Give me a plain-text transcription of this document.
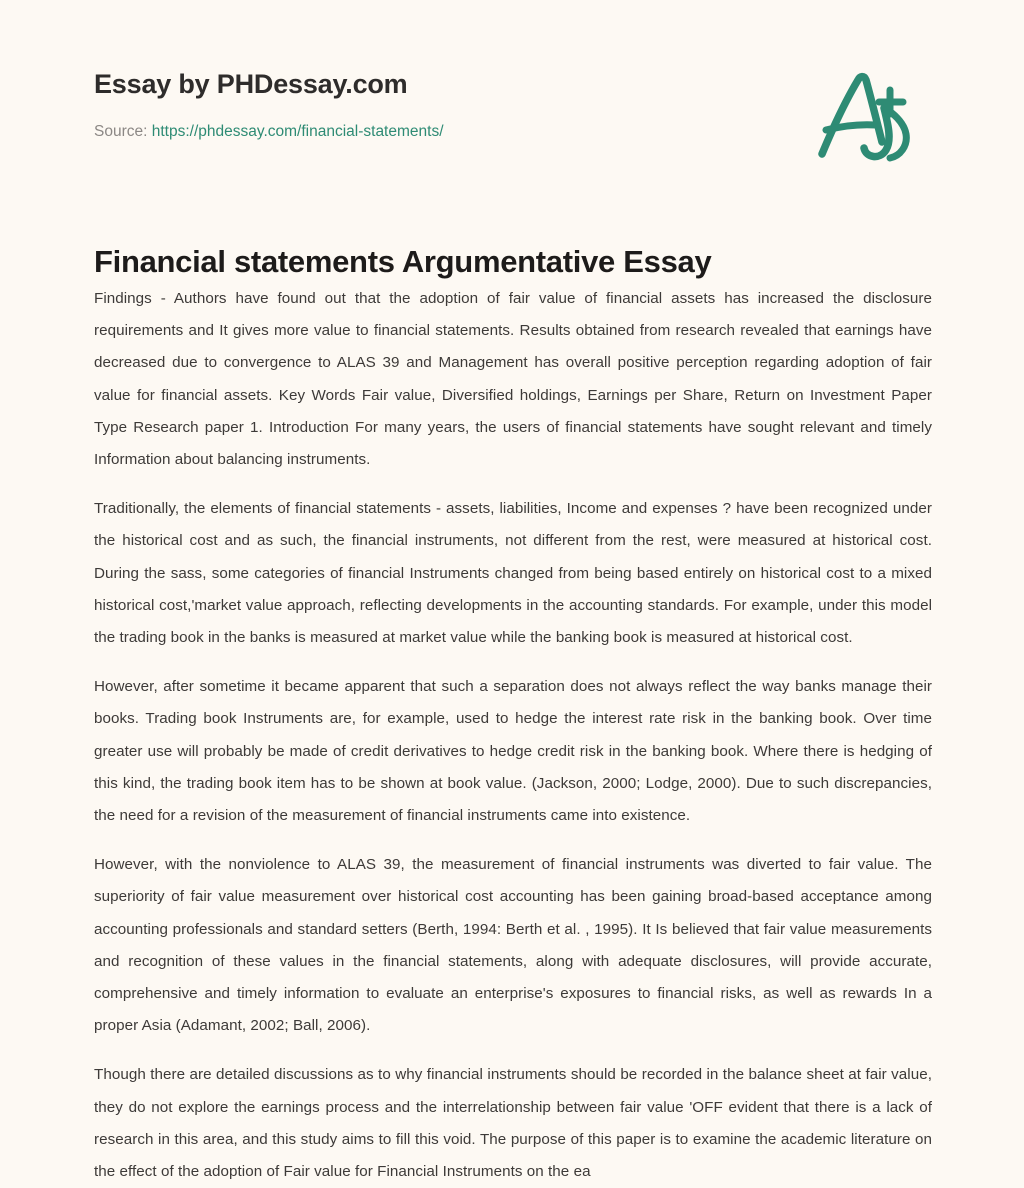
Essay by PHDessay.com
Source: https://phdessay.com/financial-statements/
Financial statements Argumentative Essay

Findings - Authors have found out that the adoption of fair value of financial assets has increased the disclosure requirements and It gives more value to financial statements. Results obtained from research revealed that earnings have decreased due to convergence to ALAS 39 and Management has overall positive perception regarding adoption of fair value for financial assets. Key Words Fair value, Diversified holdings, Earnings per Share, Return on Investment Paper Type Research paper 1. Introduction For many years, the users of financial statements have sought relevant and timely Information about balancing instruments.

Traditionally, the elements of financial statements - assets, liabilities, Income and expenses ? have been recognized under the historical cost and as such, the financial instruments, not different from the rest, were measured at historical cost. During the sass, some categories of financial Instruments changed from being based entirely on historical cost to a mixed historical cost,'market value approach, reflecting developments in the accounting standards. For example, under this model the trading book in the banks is measured at market value while the banking book is measured at historical cost.

However, after sometime it became apparent that such a separation does not always reflect the way banks manage their books. Trading book Instruments are, for example, used to hedge the interest rate risk in the banking book. Over time greater use will probably be made of credit derivatives to hedge credit risk in the banking book. Where there is hedging of this kind, the trading book item has to be shown at book value. (Jackson, 2000; Lodge, 2000). Due to such discrepancies, the need for a revision of the measurement of financial instruments came into existence.

However, with the nonviolence to ALAS 39, the measurement of financial instruments was diverted to fair value. The superiority of fair value measurement over historical cost accounting has been gaining broad-based acceptance among accounting professionals and standard setters (Berth, 1994: Berth et al. , 1995). It Is believed that fair value measurements and recognition of these values in the financial statements, along with adequate disclosures, will provide accurate, comprehensive and timely information to evaluate an enterprise's exposures to financial risks, as well as rewards In a proper Asia (Adamant, 2002; Ball, 2006).

Though there are detailed discussions as to why financial instruments should be recorded in the balance sheet at fair value, they do not explore the earnings process and the interrelationship between fair value 'OFF evident that there is a lack of research in this area, and this study aims to fill this void. The purpose of this paper is to examine the academic literature on the effect of the adoption of Fair value for Financial Instruments on the ea
